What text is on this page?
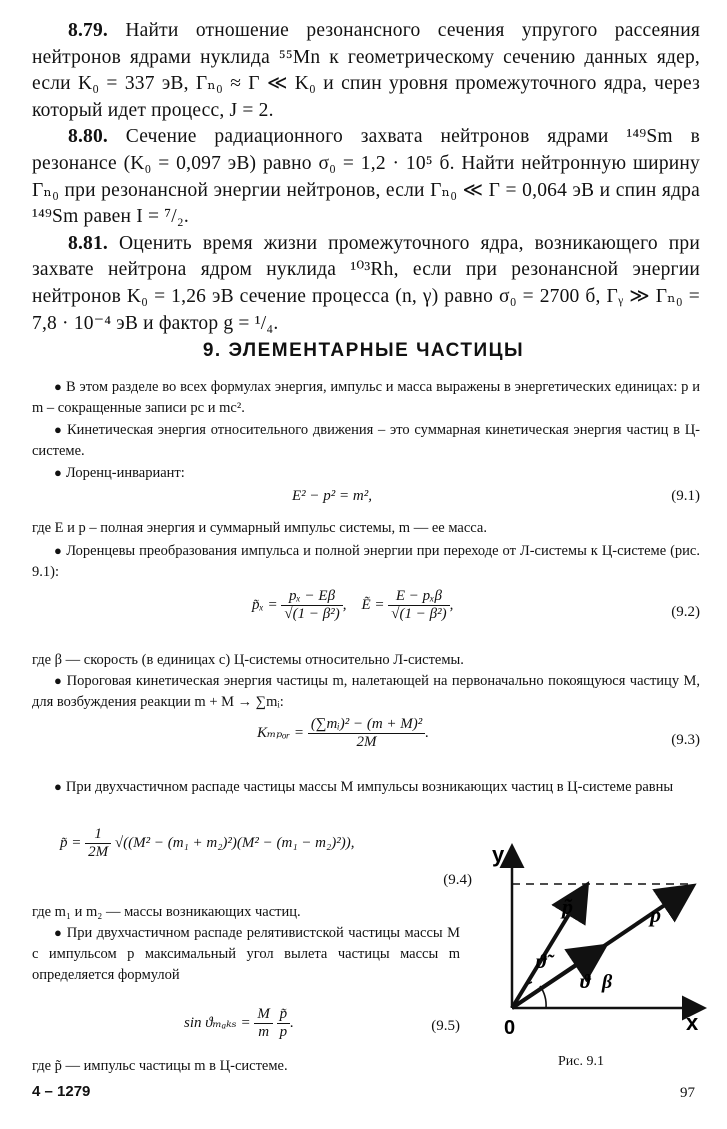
8.79. Найти отношение резонансного сечения упругого рассеяния нейтронов ядрами нуклида ⁵⁵Mn к геометрическому сечению данных ядер, если K₀ = 337 эВ, Γₙ₀ ≈ Γ ≪ K₀ и спин уровня промежуточного ядра, через который идет процесс, J = 2.

8.80. Сечение радиационного захвата нейтронов ядрами ¹⁴⁹Sm в резонансе (K₀ = 0,097 эВ) равно σ₀ = 1,2 · 10⁵ б. Найти нейтронную ширину Γₙ₀ при резонансной энергии нейтронов, если Γₙ₀ ≪ Γ = 0,064 эВ и спин ядра ¹⁴⁹Sm равен I = ⁷/₂.

8.81. Оценить время жизни промежуточного ядра, возникающего при захвате нейтрона ядром нуклида ¹⁰³Rh, если при резонансной энергии нейтронов K₀ = 1,26 эВ сечение процесса (n, γ) равно σ₀ = 2700 б, Γᵧ ≫ Γₙ₀ = 7,8 · 10⁻⁴ эВ и фактор g = ¹/₄.

9. ЭЛЕМЕНТАРНЫЕ ЧАСТИЦЫ

● В этом разделе во всех формулах энергия, импульс и масса выражены в энергетических единицах: p и m – сокращенные записи pc и mc².

● Кинетическая энергия относительного движения – это суммарная кинетическая энергия частиц в Ц-системе.

● Лоренц-инвариант:

E² − p² = m²,	(9.1)
где E и p – полная энергия и суммарный импульс системы, m — ее масса.

● Лоренцевы преобразования импульса и полной энергии при переходе от Л-системы к Ц-системе (рис. 9.1):

p̃ₓ = $\frac{\text{pₓ − Eβ}}{\text{√(1 − β²)}}$ ,    Ẽ = $\frac{\text{E − pₓβ}}{\text{√(1 − β²)}}$ ,	(9.2)
где β — скорость (в единицах c) Ц-системы относительно Л-системы.

● Пороговая кинетическая энергия частицы m, налетающей на первоначально покоящуюся частицу M, для возбуждения реакции m + M → ∑mᵢ:

Kₘₚₒᵣ = $\frac{\text{(∑mᵢ)² − (m + M)²}}{2M}$ .	(9.3)

● При двухчастичном распаде частицы массы M импульсы возникающих частиц в Ц-системе равны

p̃ = $\frac{1}{2M} √((M^2 - (m_1 + m_2)^2)(M^2 - (m_1 - m_2)^2))$,
(9.4)
где m₁ и m₂ — массы возникающих частиц.

● При двухчастичном распаде релятивистской частицы массы M с импульсом p максимальный угол вылета частицы массы m определяется формулой

$\sin ϑ_{maks} = \frac{M}{m}$
$\frac{p̃}{p}$ .	(9.5)
где p̃ — импульс частицы m в Ц-системе.
y
x
0
p̃	p
ϑ̃
ϑ β
Рис. 9.1
4 – 1279	97
